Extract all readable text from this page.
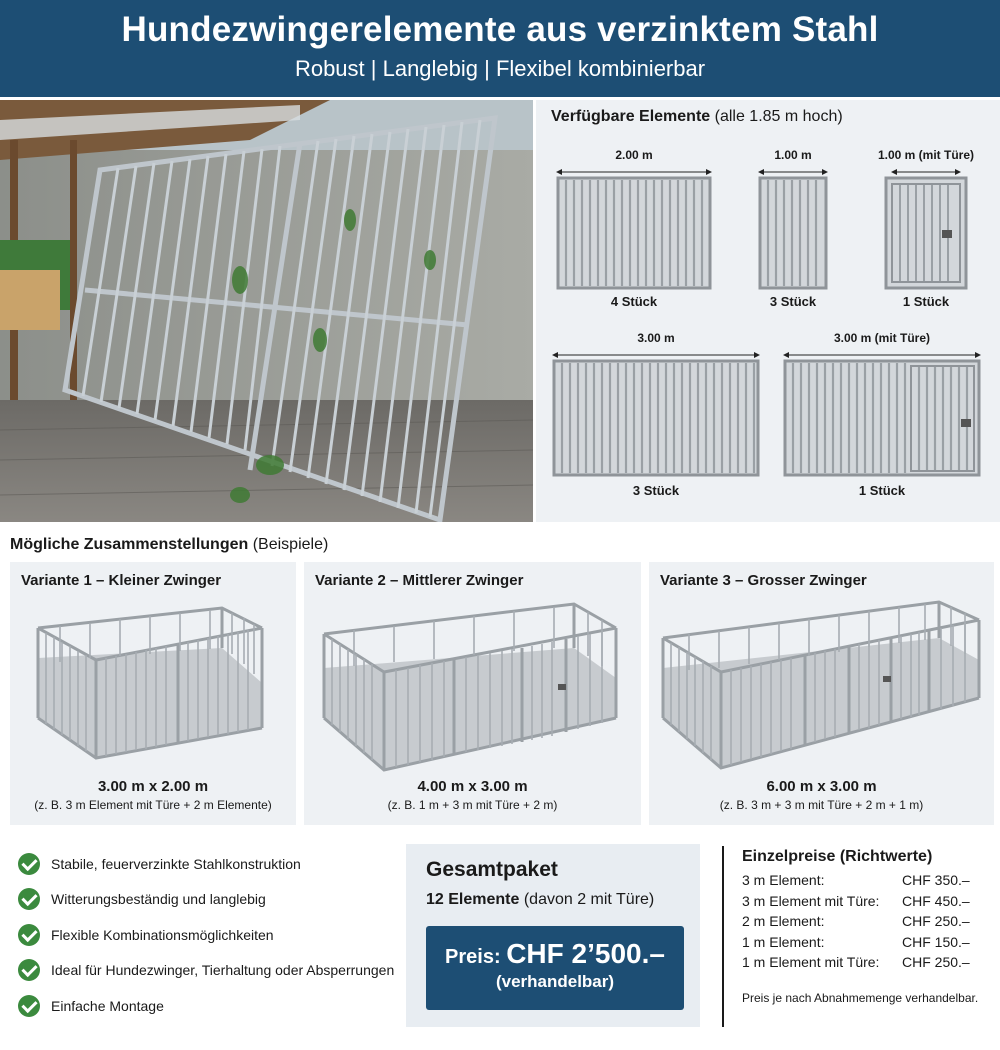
Hundezwingerelemente aus verzinktem Stahl
Robust | Langlebig | Flexibel kombinierbar
Verfügbare Elemente (alle 1.85 m hoch)
2.00 m
4 Stück
1.00 m
3 Stück
1.00 m (mit Türe)
1 Stück
3.00 m
3 Stück
3.00 m (mit Türe)
1 Stück
Mögliche Zusammenstellungen (Beispiele)
Variante 1 – Kleiner Zwinger
3.00 m x 2.00 m
(z. B. 3 m Element mit Türe + 2 m Elemente)
Variante 2 – Mittlerer Zwinger
4.00 m x 3.00 m
(z. B. 1 m + 3 m mit Türe + 2 m)
Variante 3 – Grosser Zwinger
6.00 m x 3.00 m
(z. B. 3 m + 3 m mit Türe + 2 m + 1 m)
Stabile, feuerverzinkte Stahlkonstruktion
Witterungsbeständig und langlebig
Flexible Kombinationsmöglichkeiten
Ideal für Hundezwinger, Tierhaltung oder Absperrungen
Einfache Montage
Gesamtpaket
12 Elemente (davon 2 mit Türe)
Preis: CHF 2’500.–
(verhandelbar)
Einzelpreise (Richtwerte)
3 m Element:	CHF 350.–
3 m Element mit Türe:	CHF 450.–
2 m Element:	CHF 250.–
1 m Element:	CHF 150.–
1 m Element mit Türe:	CHF 250.–
Preis je nach Abnahmemenge verhandelbar.
